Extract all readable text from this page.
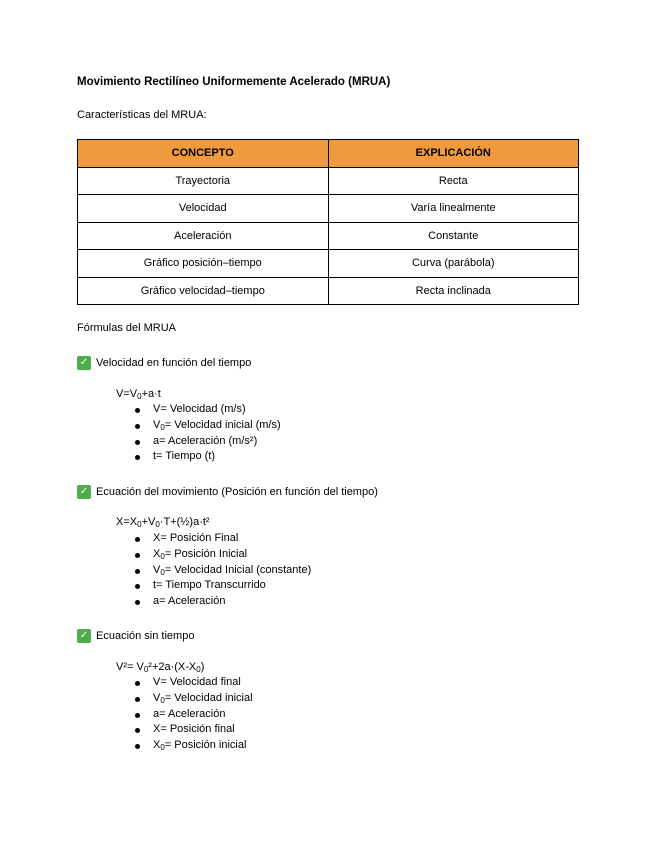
Movimiento Rectilíneo Uniformemente Acelerado (MRUA)
Características del MRUA:
CONCEPTO	EXPLICACIÓN
Trayectoria	Recta
Velocidad	Varía linealmente
Aceleración	Constante
Gráfico posición–tiempo	Curva (parábola)
Gráfico velocidad–tiempo	Recta inclinada
Fórmulas del MRUA
✓ Velocidad en función del tiempo
$V=V_0+a\cdot t$
V= Velocidad (m/s)
$V_0=$ Velocidad inicial (m/s)
a= Aceleración (m/s²)
t= Tiempo (t)
✓ Ecuación del movimiento (Posición en función del tiempo)
$X=X_0+V_0\cdot T+(\frac{1}{2})a\cdot t^2$
X= Posición Final
$X_0=$ Posición Inicial
$V_0=$ Velocidad Inicial (constante)
t= Tiempo Transcurrido
a= Aceleración
✓ Ecuación sin tiempo
$V^2= V_0^2+2a\cdot(X-X_0)$
V= Velocidad final
$V_0=$ Velocidad inicial
a= Aceleración
X= Posición final
$X_0=$ Posición inicial
